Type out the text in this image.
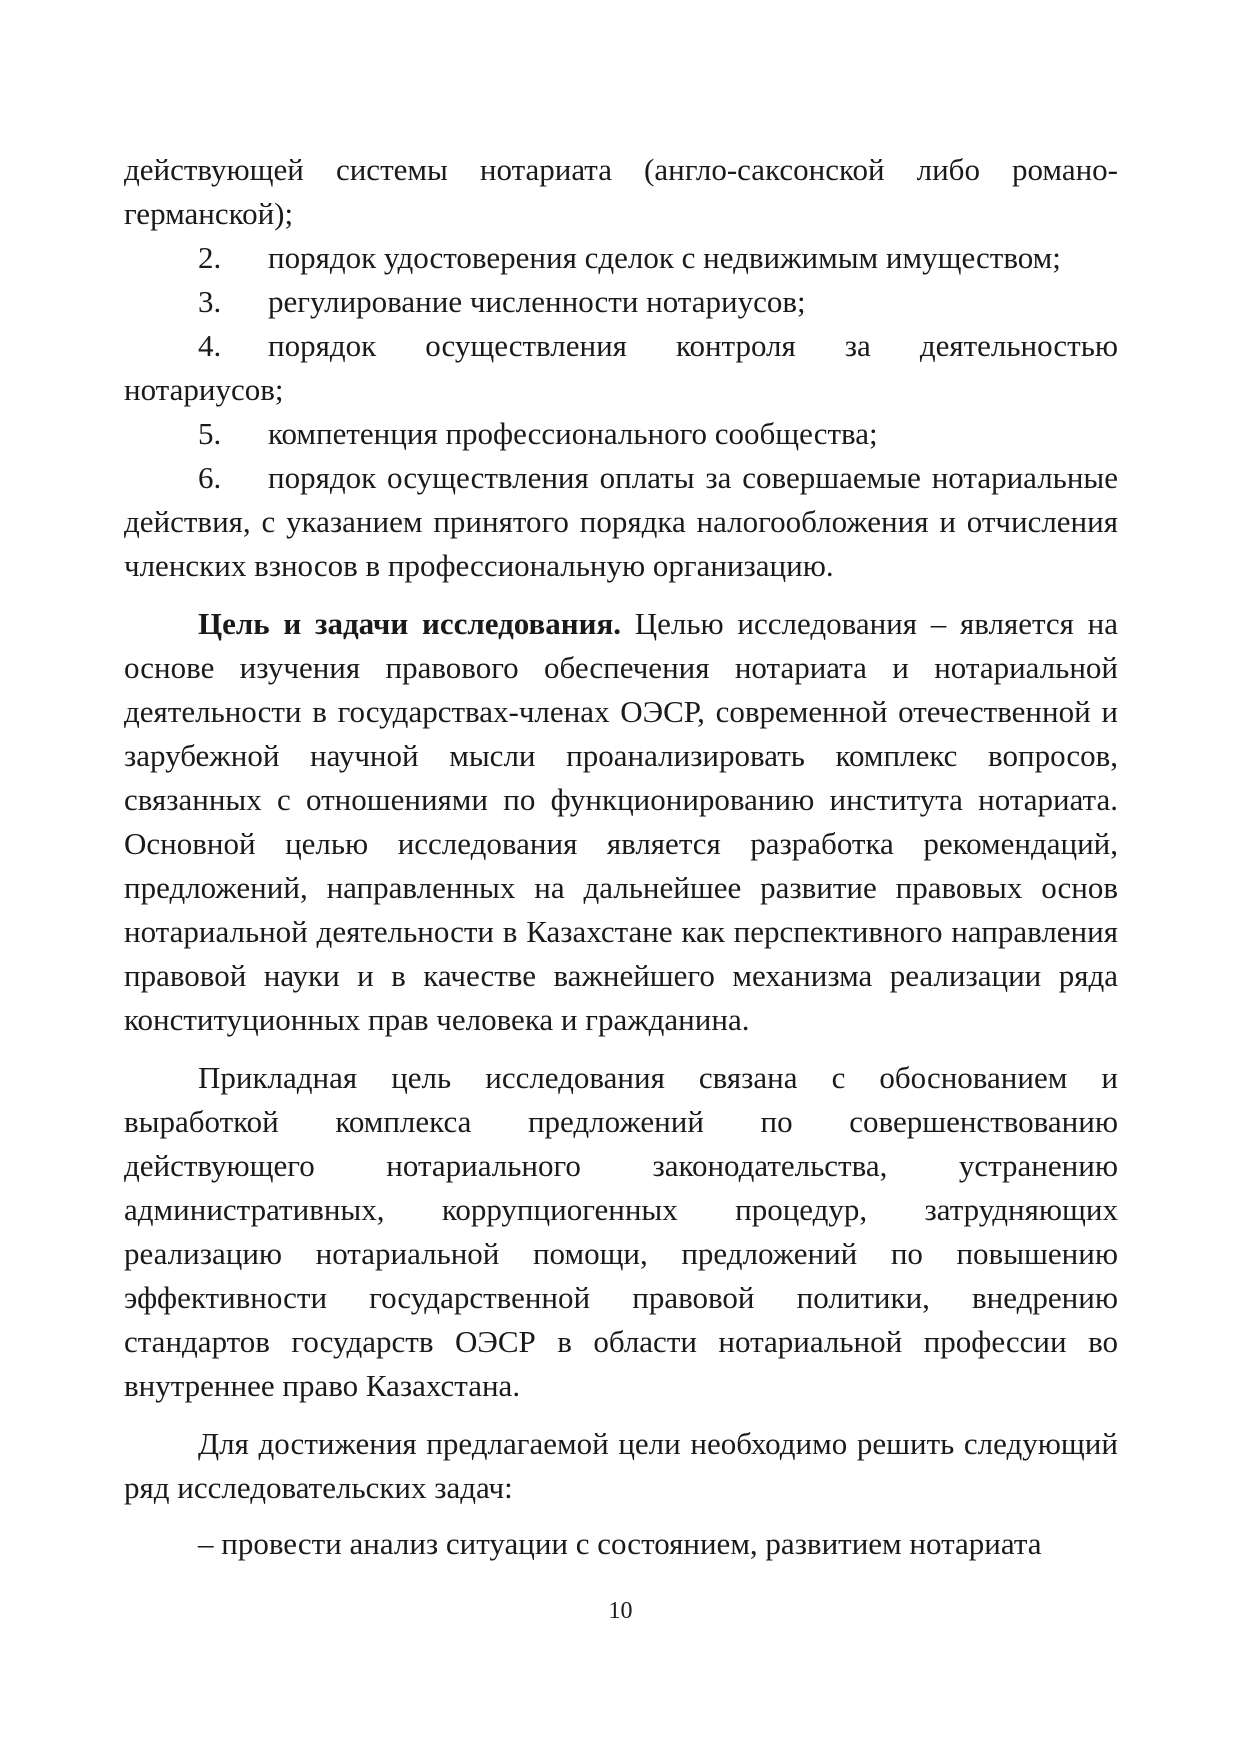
действующей системы нотариата (англо-саксонской либо романо-германской);

2. порядок удостоверения сделок с недвижимым имуществом;

3. регулирование численности нотариусов;

4. порядок осуществления контроля за деятельностью нотариусов;

5. компетенция профессионального сообщества;

6. порядок осуществления оплаты за совершаемые нотариальные действия, с указанием принятого порядка налогообложения и отчисления членских взносов в профессиональную организацию.

Цель и задачи исследования. Целью исследования – является на основе изучения правового обеспечения нотариата и нотариальной деятельности в государствах-членах ОЭСР, современной отечественной и зарубежной научной мысли проанализировать комплекс вопросов, связанных с отношениями по функционированию института нотариата. Основной целью исследования является разработка рекомендаций, предложений, направленных на дальнейшее развитие правовых основ нотариальной деятельности в Казахстане как перспективного направления правовой науки и в качестве важнейшего механизма реализации ряда конституционных прав человека и гражданина.

Прикладная цель исследования связана с обоснованием и выработкой комплекса предложений по совершенствованию действующего нотариального законодательства, устранению административных, коррупциогенных процедур, затрудняющих реализацию нотариальной помощи, предложений по повышению эффективности государственной правовой политики, внедрению стандартов государств ОЭСР в области нотариальной профессии во внутреннее право Казахстана.

Для достижения предлагаемой цели необходимо решить следующий ряд исследовательских задач:

– провести анализ ситуации с состоянием, развитием нотариата

10
